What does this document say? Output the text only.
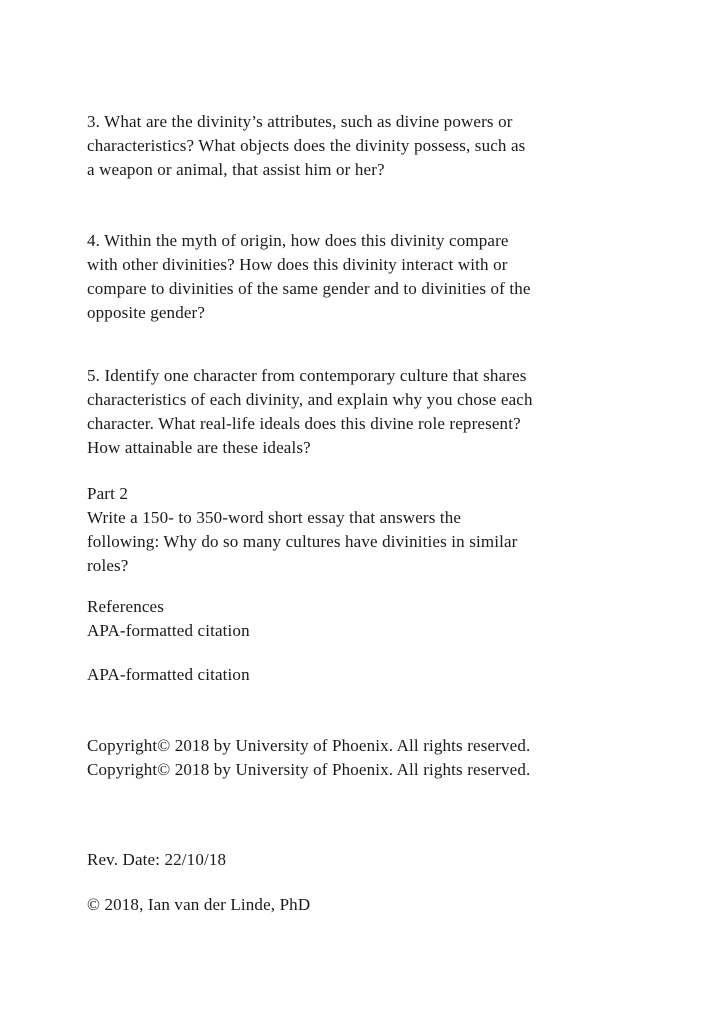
3. What are the divinity’s attributes, such as divine powers or
characteristics? What objects does the divinity possess, such as
a weapon or animal, that assist him or her?

4. Within the myth of origin, how does this divinity compare
with other divinities? How does this divinity interact with or
compare to divinities of the same gender and to divinities of the
opposite gender?

5. Identify one character from contemporary culture that shares
characteristics of each divinity, and explain why you chose each
character. What real-life ideals does this divine role represent?
How attainable are these ideals?

Part 2

Write a 150- to 350-word short essay that answers the
following: Why do so many cultures have divinities in similar
roles?

References

APA-formatted citation

APA-formatted citation

Copyright© 2018 by University of Phoenix. All rights reserved.

Copyright© 2018 by University of Phoenix. All rights reserved.

Rev. Date: 22/10/18

© 2018, Ian van der Linde, PhD
